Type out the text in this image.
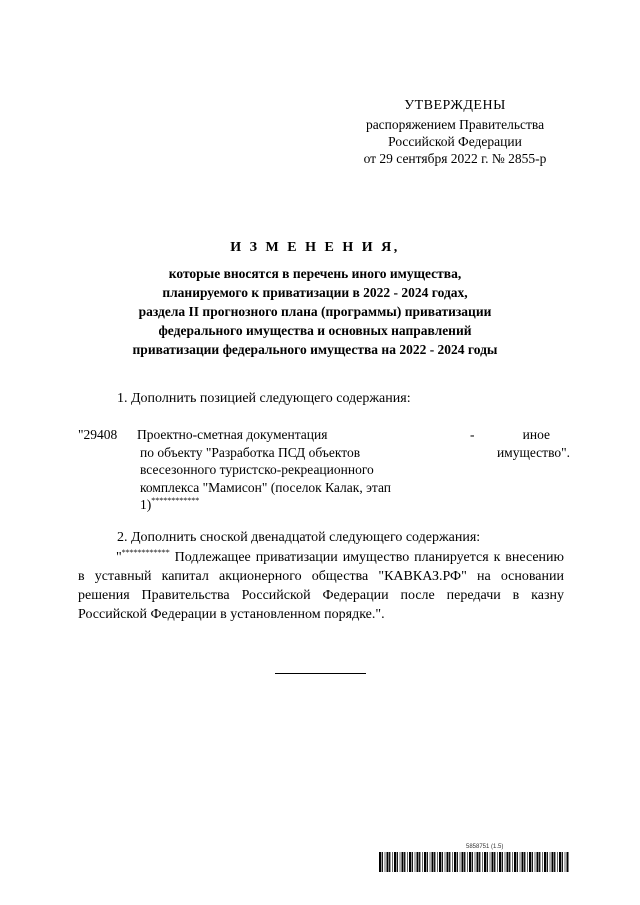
УТВЕРЖДЕНЫ
распоряжением Правительства
Российской Федерации
от 29 сентября 2022 г. № 2855-р
И З М Е Н Е Н И Я,
которые вносятся в перечень иного имущества,
планируемого к приватизации в 2022 - 2024 годах,
раздела II прогнозного плана (программы) приватизации
федерального имущества и основных направлений
приватизации федерального имущества на 2022 - 2024 годы
1. Дополнить позицией следующего содержания:
"29408 Проектно-сметная документация
по объекту "Разработка ПСД объектов всесезонного туристско-рекреационного комплекса "Мамисон" (поселок Калак, этап 1)************
-	иное
имущество".
2. Дополнить сноской двенадцатой следующего содержания:
"************ Подлежащее приватизации имущество планируется к внесению в уставный капитал акционерного общества "КАВКАЗ.РФ" на основании решения Правительства Российской Федерации после передачи в казну Российской Федерации в установленном порядке.".
5858751 (1.5)
